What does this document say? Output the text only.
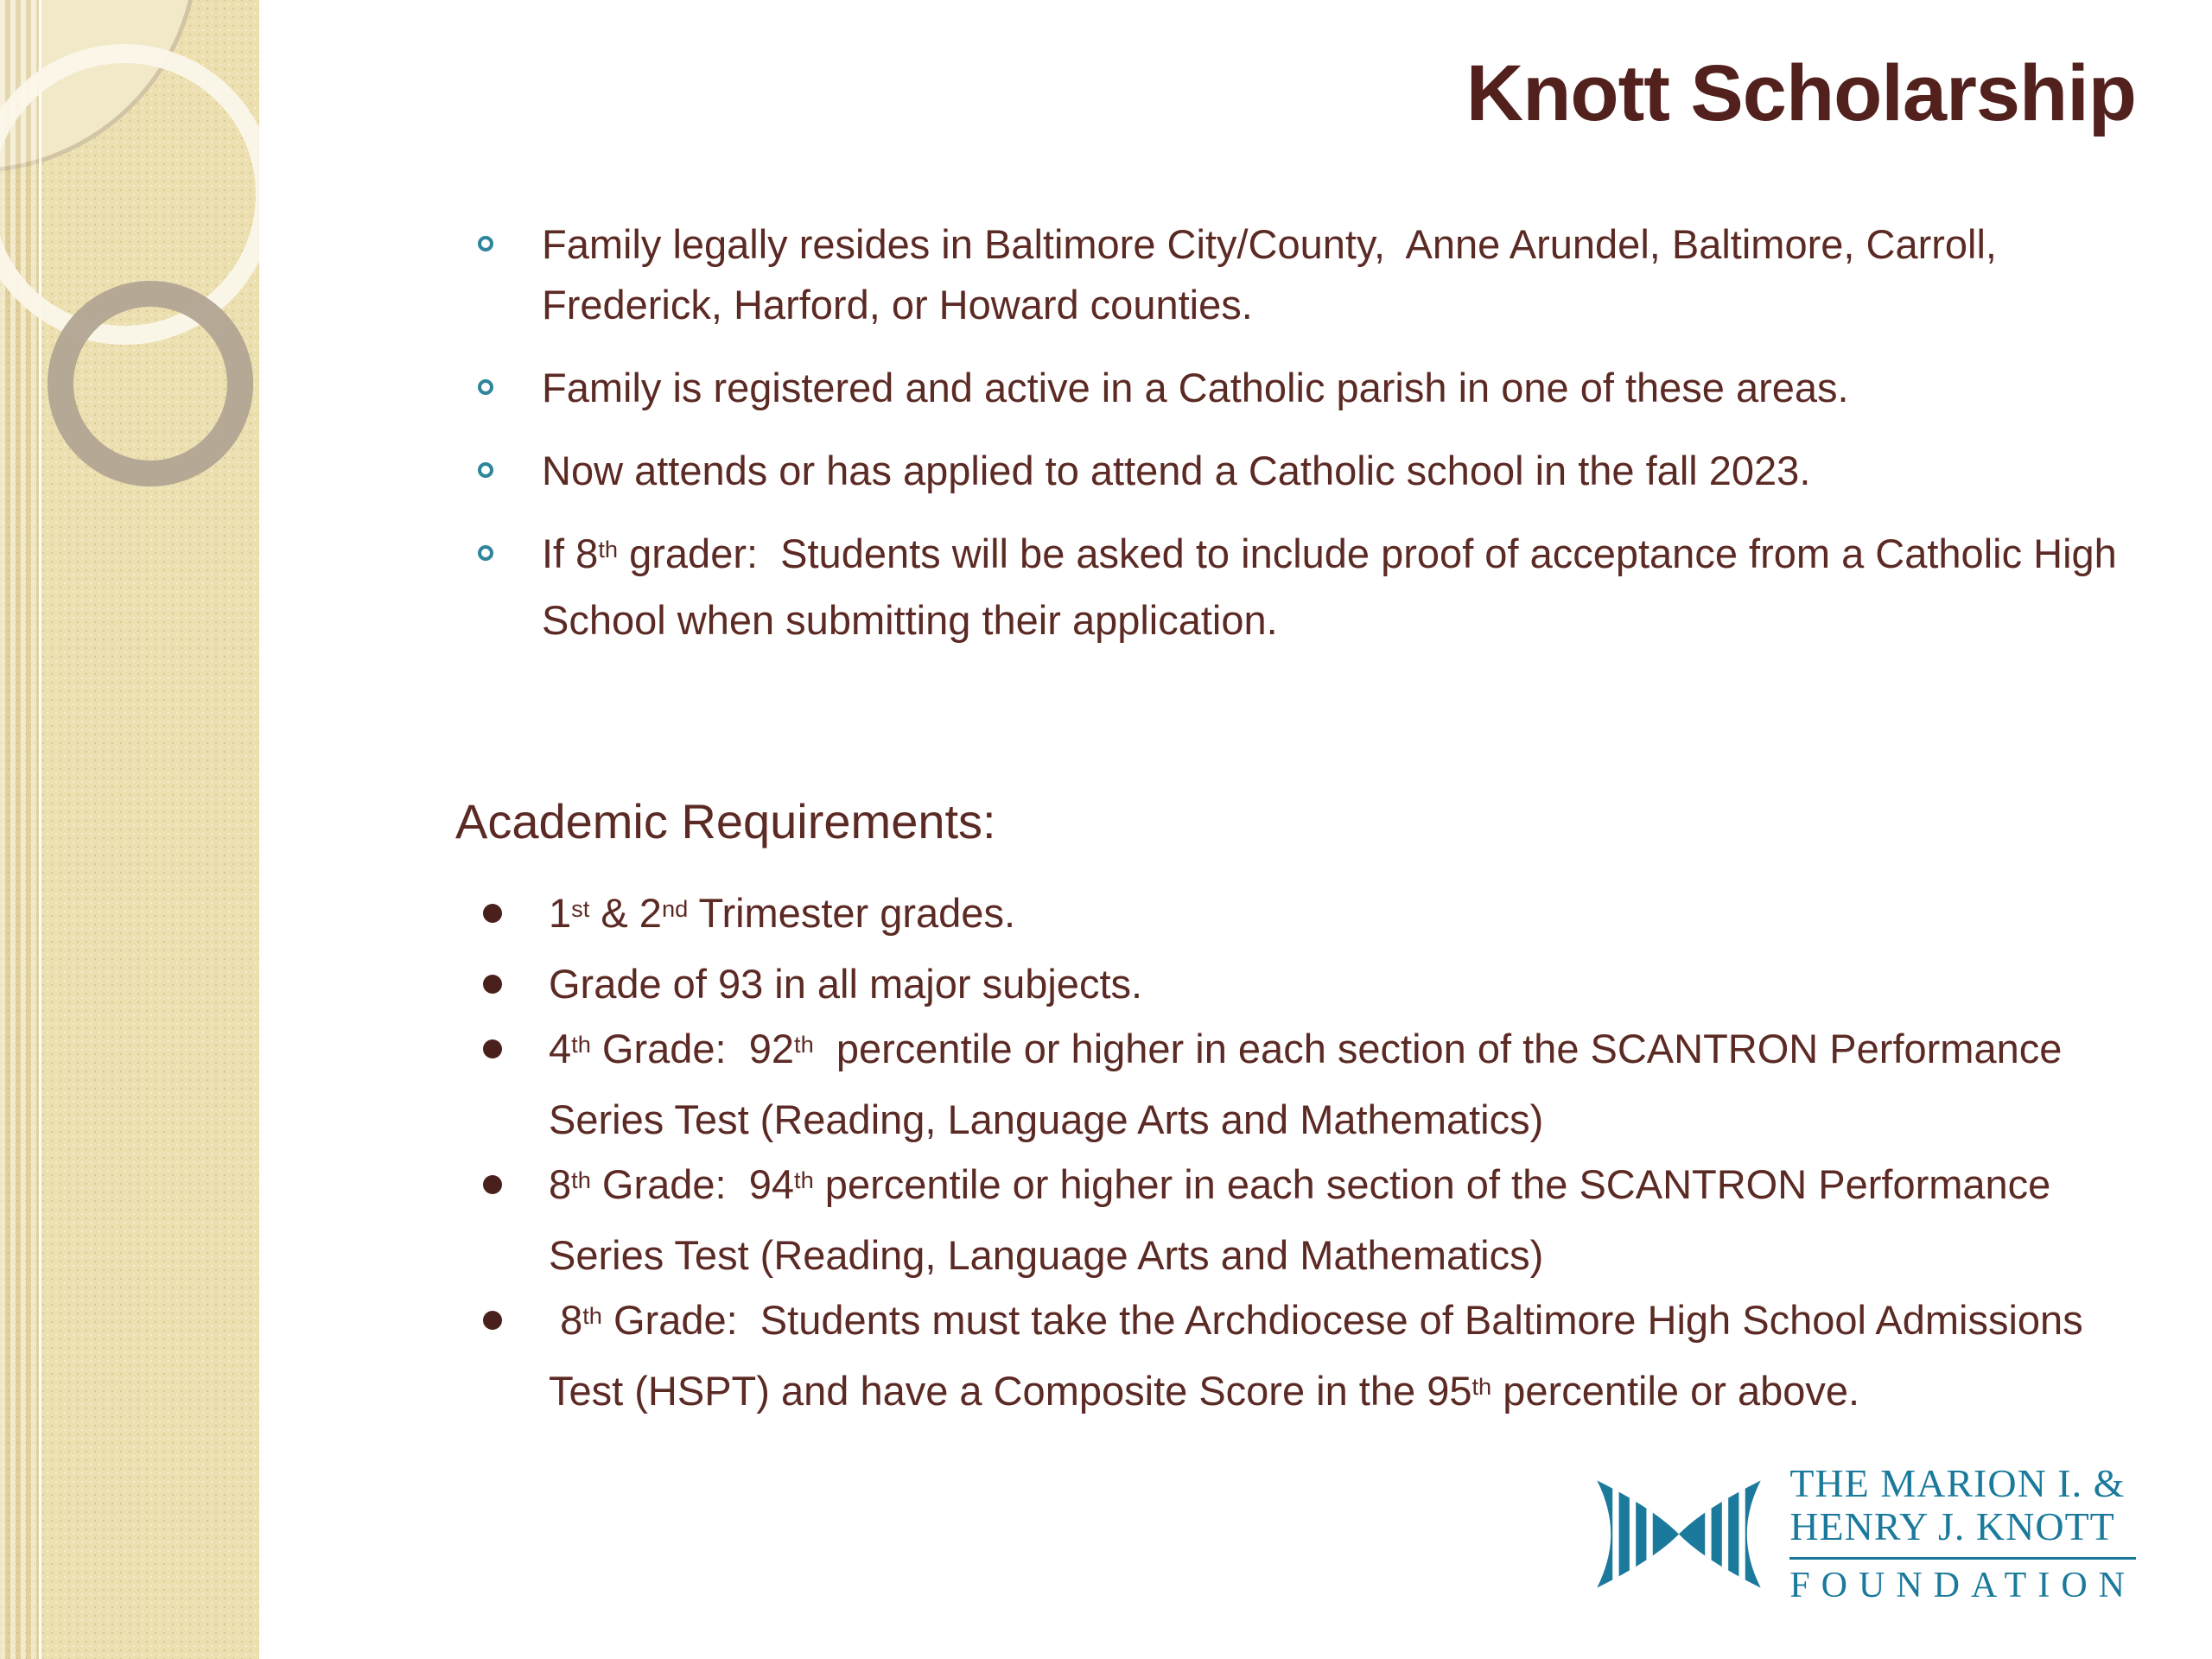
Knott Scholarship
Family legally resides in Baltimore City/County,  Anne Arundel, Baltimore, Carroll, Frederick, Harford, or Howard counties.
Family is registered and active in a Catholic parish in one of these areas.
Now attends or has applied to attend a Catholic school in the fall 2023.
If 8th grader:  Students will be asked to include proof of acceptance from a Catholic High School when submitting their application.
Academic Requirements:
1st & 2nd Trimester grades.
Grade of 93 in all major subjects.
4th Grade:  92th  percentile or higher in each section of the SCANTRON Performance Series Test (Reading, Language Arts and Mathematics)
8th Grade:  94th percentile or higher in each section of the SCANTRON Performance Series Test (Reading, Language Arts and Mathematics)
8th Grade:  Students must take the Archdiocese of Baltimore High School Admissions Test (HSPT) and have a Composite Score in the 95th percentile or above.
THE MARION I. &
HENRY J. KNOTT
FOUNDATION
